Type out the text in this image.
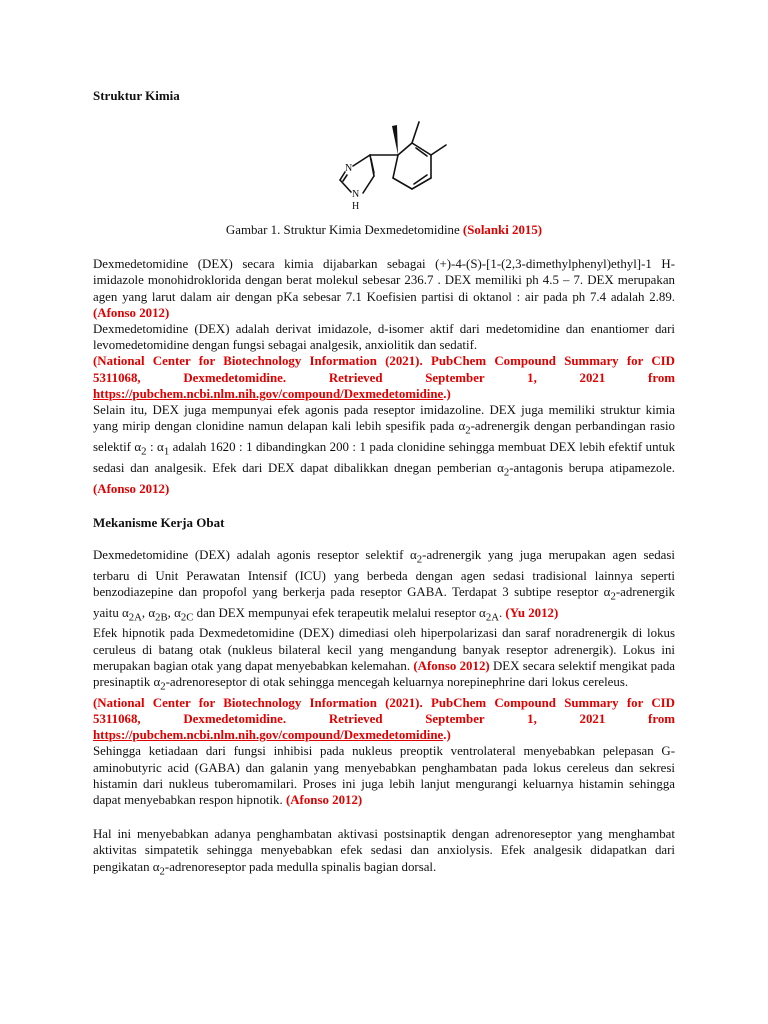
Struktur Kimia
N
N
H

Gambar 1. Struktur Kimia Dexmedetomidine (Solanki 2015)

Dexmedetomidine (DEX) secara kimia dijabarkan sebagai (+)-4-(S)-[1-(2,3-dimethylphenyl)ethyl]-1 H-imidazole monohidroklorida dengan berat molekul sebesar 236.7 . DEX memiliki ph 4.5 – 7. DEX merupakan agen yang larut dalam air dengan pKa sebesar 7.1 Koefisien partisi di oktanol : air pada ph 7.4 adalah 2.89. (Afonso 2012)

Dexmedetomidine (DEX) adalah derivat imidazole, d-isomer aktif dari medetomidine dan enantiomer dari levomedetomidine dengan fungsi sebagai analgesik, anxiolitik dan sedatif.

(National Center for Biotechnology Information (2021). PubChem Compound Summary for CID 5311068, Dexmedetomidine. Retrieved September 1, 2021 from https://pubchem.ncbi.nlm.nih.gov/compound/Dexmedetomidine.)

Selain itu, DEX juga mempunyai efek agonis pada reseptor imidazoline. DEX juga memiliki struktur kimia yang mirip dengan clonidine namun delapan kali lebih spesifik pada $\alpha_2$-adrenergik dengan perbandingan rasio selektif $\alpha_2$ : $\alpha_1$ adalah 1620 : 1 dibandingkan 200 : 1 pada clonidine sehingga membuat DEX lebih efektif untuk sedasi dan analgesik. Efek dari DEX dapat dibalikkan dnegan pemberian $\alpha_2$-antagonis berupa atipamezole. (Afonso 2012)

Mekanisme Kerja Obat

Dexmedetomidine (DEX) adalah agonis reseptor selektif $\alpha_2$-adrenergik yang juga merupakan agen sedasi terbaru di Unit Perawatan Intensif (ICU) yang berbeda dengan agen sedasi tradisional lainnya seperti benzodiazepine dan propofol yang berkerja pada reseptor GABA. Terdapat 3 subtipe reseptor $\alpha_2$-adrenergik yaitu $\alpha_{2A}$, $\alpha_{2B}$, $\alpha_{2C}$ dan DEX mempunyai efek terapeutik melalui reseptor $\alpha_{2A}$. (Yu 2012)

Efek hipnotik pada Dexmedetomidine (DEX) dimediasi oleh hiperpolarizasi dan saraf noradrenergik di lokus ceruleus di batang otak (nukleus bilateral kecil yang mengandung banyak reseptor adrenergik). Lokus ini merupakan bagian otak yang dapat menyebabkan kelemahan. (Afonso 2012) DEX secara selektif mengikat pada presinaptik $\alpha_2$-adrenoreseptor di otak sehingga mencegah keluarnya norepinephrine dari lokus cereleus.

(National Center for Biotechnology Information (2021). PubChem Compound Summary for CID 5311068, Dexmedetomidine. Retrieved September 1, 2021 from https://pubchem.ncbi.nlm.nih.gov/compound/Dexmedetomidine.)

Sehingga ketiadaan dari fungsi inhibisi pada nukleus preoptik ventrolateral menyebabkan pelepasan G-aminobutyric acid (GABA) dan galanin yang menyebabkan penghambatan pada lokus cereleus dan sekresi histamin dari nukleus tuberomamilari. Proses ini juga lebih lanjut mengurangi keluarnya histamin sehingga dapat menyebabkan respon hipnotik. (Afonso 2012)

Hal ini menyebabkan adanya penghambatan aktivasi postsinaptik dengan adrenoreseptor yang menghambat aktivitas simpatetik sehingga menyebabkan efek sedasi dan anxiolysis. Efek analgesik didapatkan dari pengikatan $\alpha_2$-adrenoreseptor pada medulla spinalis bagian dorsal.
